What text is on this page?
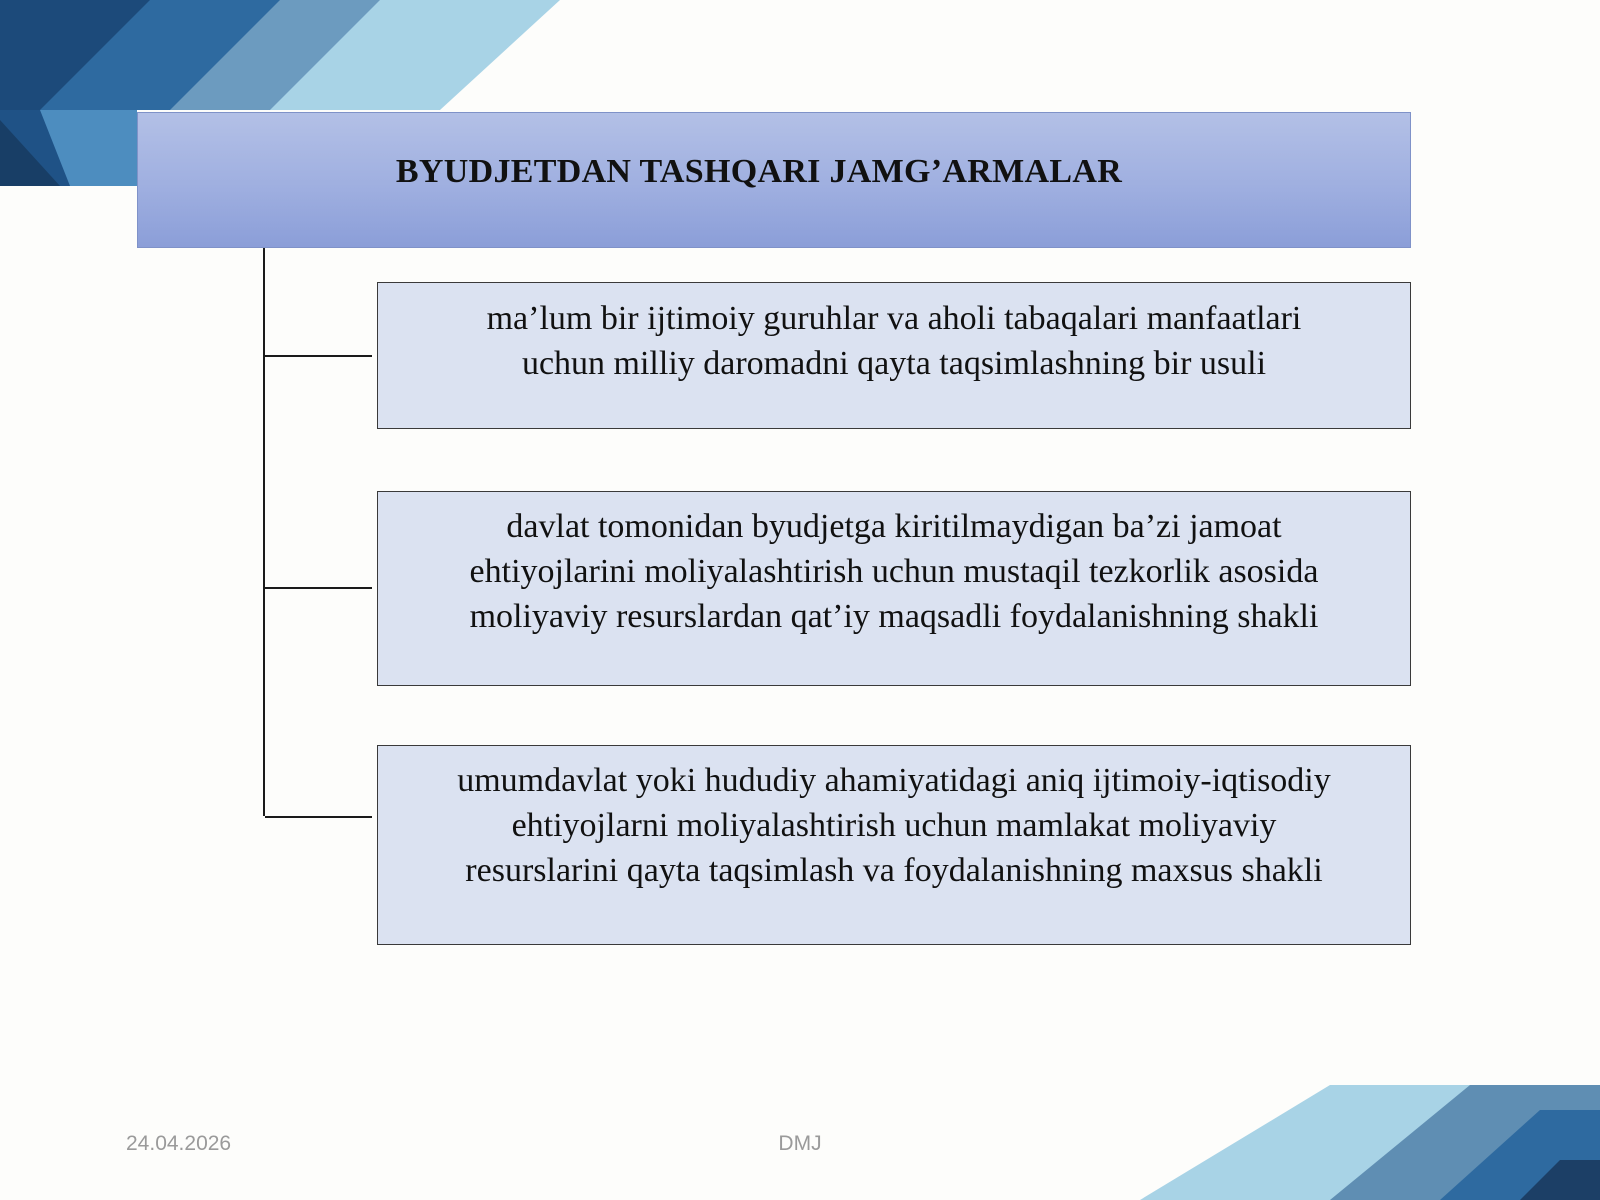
BYUDJETDAN TASHQARI JAMG’ARMALAR
ma’lum bir ijtimoiy guruhlar va aholi tabaqalari manfaatlari
uchun milliy daromadni qayta taqsimlashning bir usuli
davlat tomonidan byudjetga kiritilmaydigan ba’zi jamoat
ehtiyojlarini moliyalashtirish uchun mustaqil tezkorlik asosida
moliyaviy resurslardan qat’iy maqsadli foydalanishning shakli
umumdavlat yoki hududiy ahamiyatidagi aniq ijtimoiy-iqtisodiy
ehtiyojlarni moliyalashtirish uchun mamlakat moliyaviy
resurslarini qayta taqsimlash va foydalanishning maxsus shakli
24.04.2026	DMJ
